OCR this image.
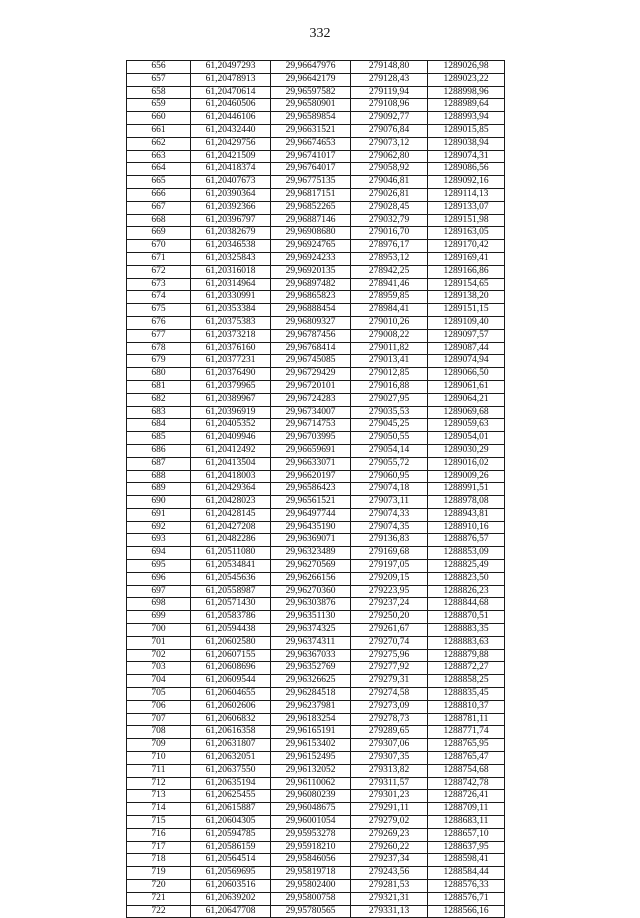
332
656	61,20497293	29,96647976	279148,80	1289026,98
657	61,20478913	29,96642179	279128,43	1289023,22
658	61,20470614	29,96597582	279119,94	1288998,96
659	61,20460506	29,96580901	279108,96	1288989,64
660	61,20446106	29,96589854	279092,77	1288993,94
661	61,20432440	29,96631521	279076,84	1289015,85
662	61,20429756	29,96674653	279073,12	1289038,94
663	61,20421509	29,96741017	279062,80	1289074,31
664	61,20418374	29,96764017	279058,92	1289086,56
665	61,20407673	29,96775135	279046,81	1289092,16
666	61,20390364	29,96817151	279026,81	1289114,13
667	61,20392366	29,96852265	279028,45	1289133,07
668	61,20396797	29,96887146	279032,79	1289151,98
669	61,20382679	29,96908680	279016,70	1289163,05
670	61,20346538	29,96924765	278976,17	1289170,42
671	61,20325843	29,96924233	278953,12	1289169,41
672	61,20316018	29,96920135	278942,25	1289166,86
673	61,20314964	29,96897482	278941,46	1289154,65
674	61,20330991	29,96865823	278959,85	1289138,20
675	61,20353384	29,96888454	278984,41	1289151,15
676	61,20375383	29,96809327	279010,26	1289109,40
677	61,20373218	29,96787456	279008,22	1289097,57
678	61,20376160	29,96768414	279011,82	1289087,44
679	61,20377231	29,96745085	279013,41	1289074,94
680	61,20376490	29,96729429	279012,85	1289066,50
681	61,20379965	29,96720101	279016,88	1289061,61
682	61,20389967	29,96724283	279027,95	1289064,21
683	61,20396919	29,96734007	279035,53	1289069,68
684	61,20405352	29,96714753	279045,25	1289059,63
685	61,20409946	29,96703995	279050,55	1289054,01
686	61,20412492	29,96659691	279054,14	1289030,29
687	61,20413504	29,96633071	279055,72	1289016,02
688	61,20418003	29,96620197	279060,95	1289009,26
689	61,20429364	29,96586423	279074,18	1288991,51
690	61,20428023	29,96561521	279073,11	1288978,08
691	61,20428145	29,96497744	279074,33	1288943,81
692	61,20427208	29,96435190	279074,35	1288910,16
693	61,20482286	29,96369071	279136,83	1288876,57
694	61,20511080	29,96323489	279169,68	1288853,09
695	61,20534841	29,96270569	279197,05	1288825,49
696	61,20545636	29,96266156	279209,15	1288823,50
697	61,20558987	29,96270360	279223,95	1288826,23
698	61,20571430	29,96303876	279237,24	1288844,68
699	61,20583786	29,96351130	279250,20	1288870,51
700	61,20594438	29,96374325	279261,67	1288883,35
701	61,20602580	29,96374311	279270,74	1288883,63
702	61,20607155	29,96367033	279275,96	1288879,88
703	61,20608696	29,96352769	279277,92	1288872,27
704	61,20609544	29,96326625	279279,31	1288858,25
705	61,20604655	29,96284518	279274,58	1288835,45
706	61,20602606	29,96237981	279273,09	1288810,37
707	61,20606832	29,96183254	279278,73	1288781,11
708	61,20616358	29,96165191	279289,65	1288771,74
709	61,20631807	29,96153402	279307,06	1288765,95
710	61,20632051	29,96152495	279307,35	1288765,47
711	61,20637550	29,96132052	279313,82	1288754,68
712	61,20635194	29,96110062	279311,57	1288742,78
713	61,20625455	29,96080239	279301,23	1288726,41
714	61,20615887	29,96048675	279291,11	1288709,11
715	61,20604305	29,96001054	279279,02	1288683,11
716	61,20594785	29,95953278	279269,23	1288657,10
717	61,20586159	29,95918210	279260,22	1288637,95
718	61,20564514	29,95846056	279237,34	1288598,41
719	61,20569695	29,95819718	279243,56	1288584,44
720	61,20603516	29,95802400	279281,53	1288576,33
721	61,20639202	29,95800758	279321,31	1288576,71
722	61,20647708	29,95780565	279331,13	1288566,16
